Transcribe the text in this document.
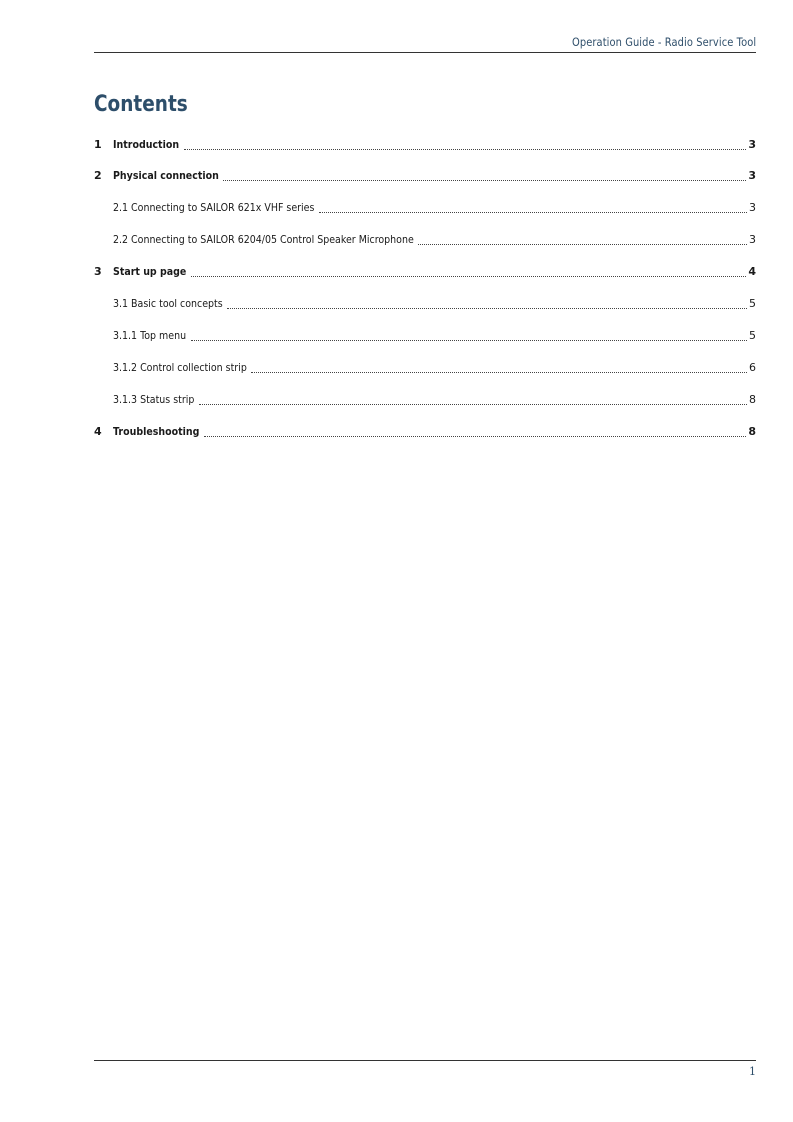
Operation Guide - Radio Service Tool
Contents
1	Introduction	3
2	Physical connection	3
2.1 Connecting to SAILOR 621x VHF series	3
2.2 Connecting to SAILOR 6204/05 Control Speaker Microphone	3
3	Start up page	4
3.1 Basic tool concepts	5
3.1.1 Top menu	5
3.1.2 Control collection strip	6
3.1.3 Status strip	8
4	Troubleshooting	8
1
